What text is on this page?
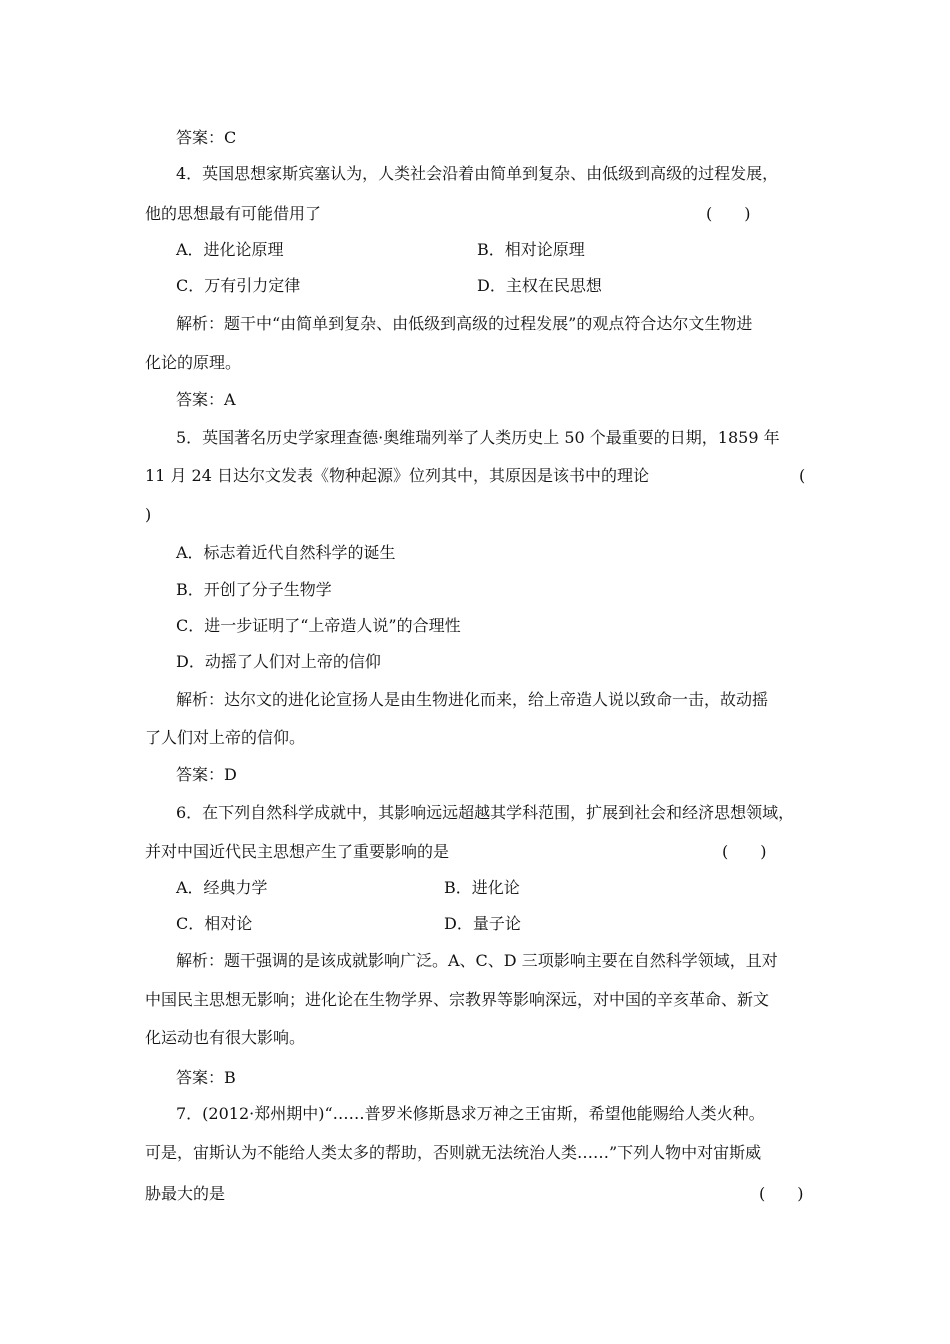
答案：C
4．英国思想家斯宾塞认为，人类社会沿着由简单到复杂、由低级到高级的过程发展，
他的思想最有可能借用了	(　　)
A．进化论原理	B．相对论原理
C．万有引力定律	D．主权在民思想
解析：题干中“由简单到复杂、由低级到高级的过程发展”的观点符合达尔文生物进
化论的原理。
答案：A
5．英国著名历史学家理查德·奥维瑞列举了人类历史上 50 个最重要的日期，1859 年
11 月 24 日达尔文发表《物种起源》位列其中，其原因是该书中的理论	(
)
A．标志着近代自然科学的诞生
B．开创了分子生物学
C．进一步证明了“上帝造人说”的合理性
D．动摇了人们对上帝的信仰
解析：达尔文的进化论宣扬人是由生物进化而来，给上帝造人说以致命一击，故动摇
了人们对上帝的信仰。
答案：D
6．在下列自然科学成就中，其影响远远超越其学科范围，扩展到社会和经济思想领域，
并对中国近代民主思想产生了重要影响的是	(　　)
A．经典力学	B．进化论
C．相对论	D．量子论
解析：题干强调的是该成就影响广泛。A、C、D 三项影响主要在自然科学领域，且对
中国民主思想无影响；进化论在生物学界、宗教界等影响深远，对中国的辛亥革命、新文
化运动也有很大影响。
答案：B
7．(2012·郑州期中)“……普罗米修斯恳求万神之王宙斯，希望他能赐给人类火种。
可是，宙斯认为不能给人类太多的帮助，否则就无法统治人类……”下列人物中对宙斯威
胁最大的是	(　　)
